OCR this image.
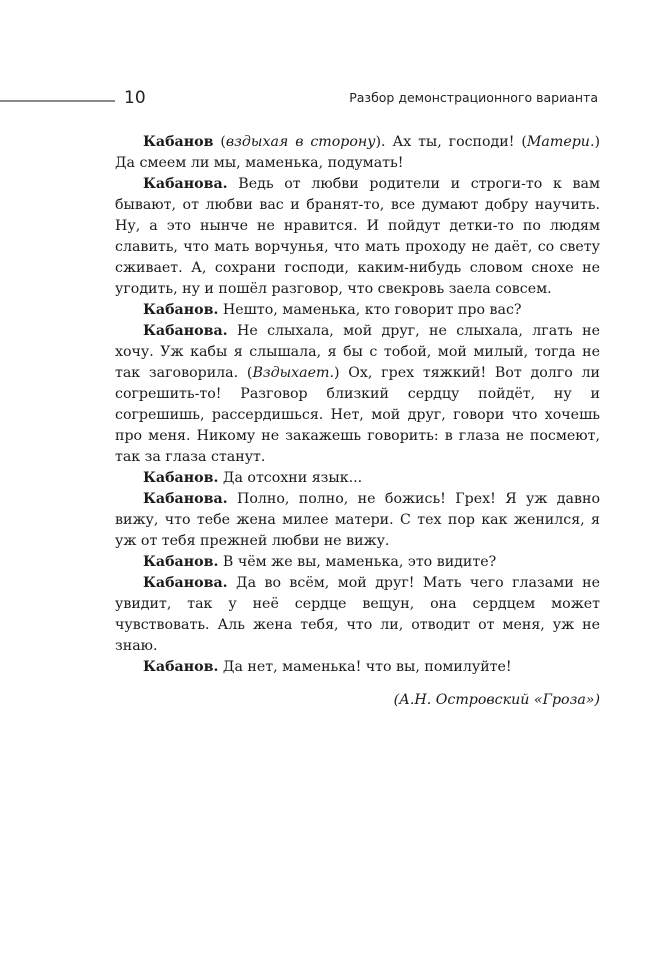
10	Разбор демонстрационного варианта

Кабанов (вздыхая в сторону). Ах ты, господи! (Матери.) Да смеем ли мы, маменька, подумать!

Кабанова. Ведь от любви родители и строги-то к вам бывают, от любви вас и бранят-то, все думают добру научить. Ну, а это нынче не нравится. И пойдут детки-то по людям славить, что мать ворчунья, что мать проходу не даёт, со свету сживает. А, сохрани господи, каким-нибудь словом снохе не угодить, ну и пошёл разговор, что свекровь заела совсем.

Кабанов. Нешто, маменька, кто говорит про вас?

Кабанова. Не слыхала, мой друг, не слыхала, лгать не хочу. Уж кабы я слышала, я бы с тобой, мой милый, тогда не так заговорила. (Вздыхает.) Ох, грех тяжкий! Вот долго ли согрешить-то! Разговор близкий сердцу пойдёт, ну и согрешишь, рассердишься. Нет, мой друг, говори что хочешь про меня. Никому не закажешь говорить: в глаза не посмеют, так за глаза станут.

Кабанов. Да отсохни язык...

Кабанова. Полно, полно, не божись! Грех! Я уж давно вижу, что тебе жена милее матери. С тех пор как женился, я уж от тебя прежней любви не вижу.

Кабанов. В чём же вы, маменька, это видите?

Кабанова. Да во всём, мой друг! Мать чего глазами не увидит, так у неё сердце вещун, она сердцем может чувствовать. Аль жена тебя, что ли, отводит от меня, уж не знаю.

Кабанов. Да нет, маменька! что вы, помилуйте!

(А.Н. Островский «Гроза»)
